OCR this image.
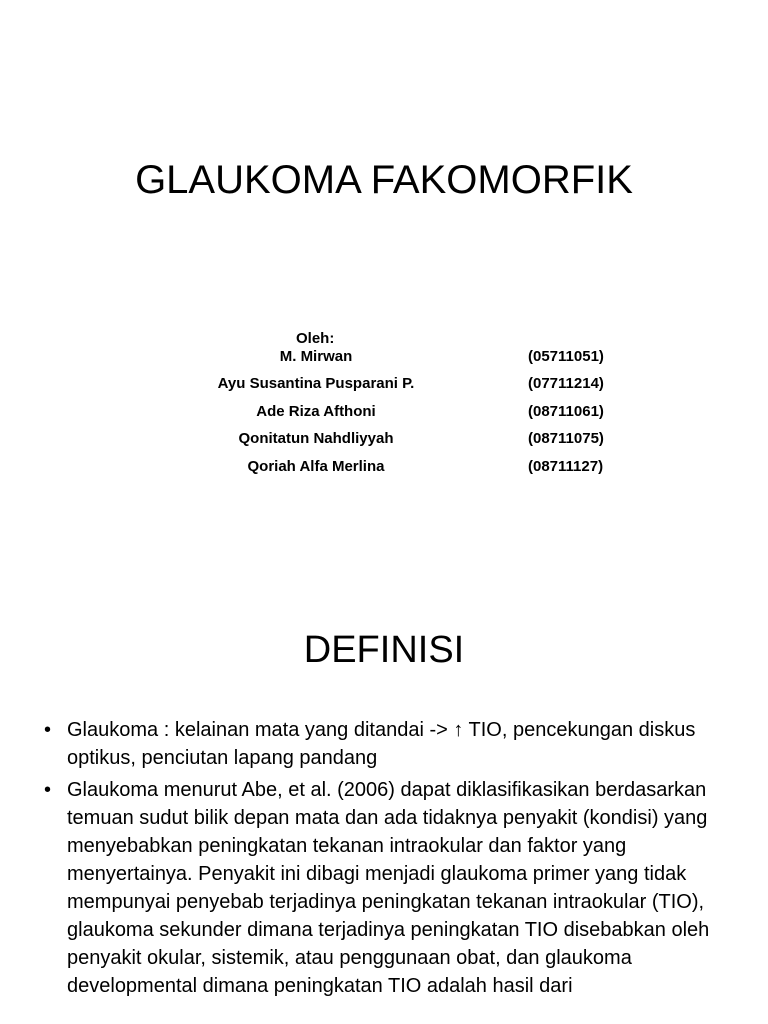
GLAUKOMA FAKOMORFIK
Oleh:
M. Mirwan	(05711051)
Ayu Susantina Pusparani P.	(07711214)
Ade Riza Afthoni	(08711061)
Qonitatun Nahdliyyah	(08711075)
Qoriah Alfa Merlina	(08711127)
DEFINISI
• Glaukoma : kelainan mata yang ditandai -> ↑ TIO, pencekungan diskus optikus, penciutan lapang pandang
• Glaukoma menurut Abe, et al. (2006) dapat diklasifikasikan berdasarkan temuan sudut bilik depan mata dan ada tidaknya penyakit (kondisi) yang menyebabkan peningkatan tekanan intraokular dan faktor yang menyertainya. Penyakit ini dibagi menjadi glaukoma primer yang tidak mempunyai penyebab terjadinya peningkatan tekanan intraokular (TIO), glaukoma sekunder dimana terjadinya peningkatan TIO disebabkan oleh penyakit okular, sistemik, atau penggunaan obat, dan glaukoma developmental dimana peningkatan TIO adalah hasil dari
